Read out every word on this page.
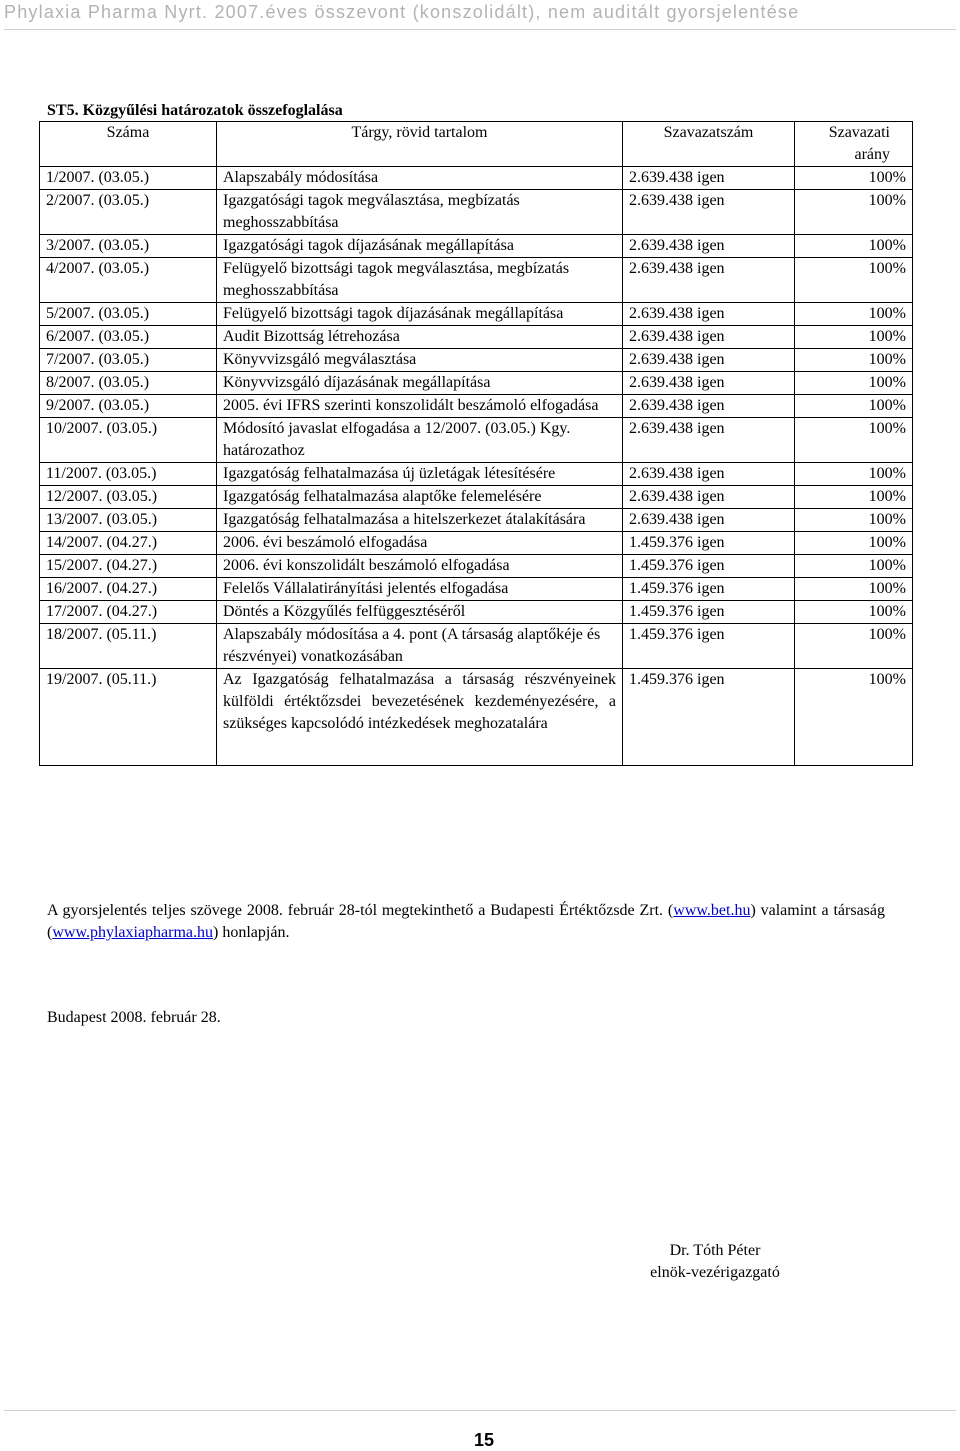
Phylaxia Pharma Nyrt. 2007.éves összevont (konszolidált), nem auditált gyorsjelentése
ST5. Közgyűlési határozatok összefoglalása
Száma	Tárgy, rövid tartalom	Szavazatszám	Szavazati arány
1/2007. (03.05.)	Alapszabály módosítása	2.639.438 igen	100%
2/2007. (03.05.)	Igazgatósági tagok megválasztása, megbízatás meghosszabbítása	2.639.438 igen	100%
3/2007. (03.05.)	Igazgatósági tagok díjazásának megállapítása	2.639.438 igen	100%
4/2007. (03.05.)	Felügyelő bizottsági tagok megválasztása, megbízatás meghosszabbítása	2.639.438 igen	100%
5/2007. (03.05.)	Felügyelő bizottsági tagok díjazásának megállapítása	2.639.438 igen	100%
6/2007. (03.05.)	Audit Bizottság létrehozása	2.639.438 igen	100%
7/2007. (03.05.)	Könyvvizsgáló megválasztása	2.639.438 igen	100%
8/2007. (03.05.)	Könyvvizsgáló díjazásának megállapítása	2.639.438 igen	100%
9/2007. (03.05.)	2005. évi IFRS szerinti konszolidált beszámoló elfogadása	2.639.438 igen	100%
10/2007. (03.05.)	Módosító javaslat elfogadása a 12/2007. (03.05.) Kgy. határozathoz	2.639.438 igen	100%
11/2007. (03.05.)	Igazgatóság felhatalmazása új üzletágak létesítésére	2.639.438 igen	100%
12/2007. (03.05.)	Igazgatóság felhatalmazása alaptőke felemelésére	2.639.438 igen	100%
13/2007. (03.05.)	Igazgatóság felhatalmazása a hitelszerkezet átalakítására	2.639.438 igen	100%
14/2007. (04.27.)	2006. évi beszámoló elfogadása	1.459.376 igen	100%
15/2007. (04.27.)	2006. évi konszolidált beszámoló elfogadása	1.459.376 igen	100%
16/2007. (04.27.)	Felelős Vállalatirányítási jelentés elfogadása	1.459.376 igen	100%
17/2007. (04.27.)	Döntés a Közgyűlés felfüggesztéséről	1.459.376 igen	100%
18/2007. (05.11.)	Alapszabály módosítása a 4. pont (A társaság alaptőkéje és részvényei) vonatkozásában	1.459.376 igen	100%
19/2007. (05.11.)	Az Igazgatóság felhatalmazása a társaság részvényeinek külföldi értéktőzsdei bevezetésének kezdeményezésére, a szükséges kapcsolódó intézkedések meghozatalára	1.459.376 igen	100%
A gyorsjelentés teljes szövege 2008. február 28-tól megtekinthető a Budapesti Értéktőzsde Zrt. (www.bet.hu) valamint a társaság (www.phylaxiapharma.hu) honlapján.
Budapest 2008. február 28.
Dr. Tóth Péter
elnök-vezérigazgató
15
